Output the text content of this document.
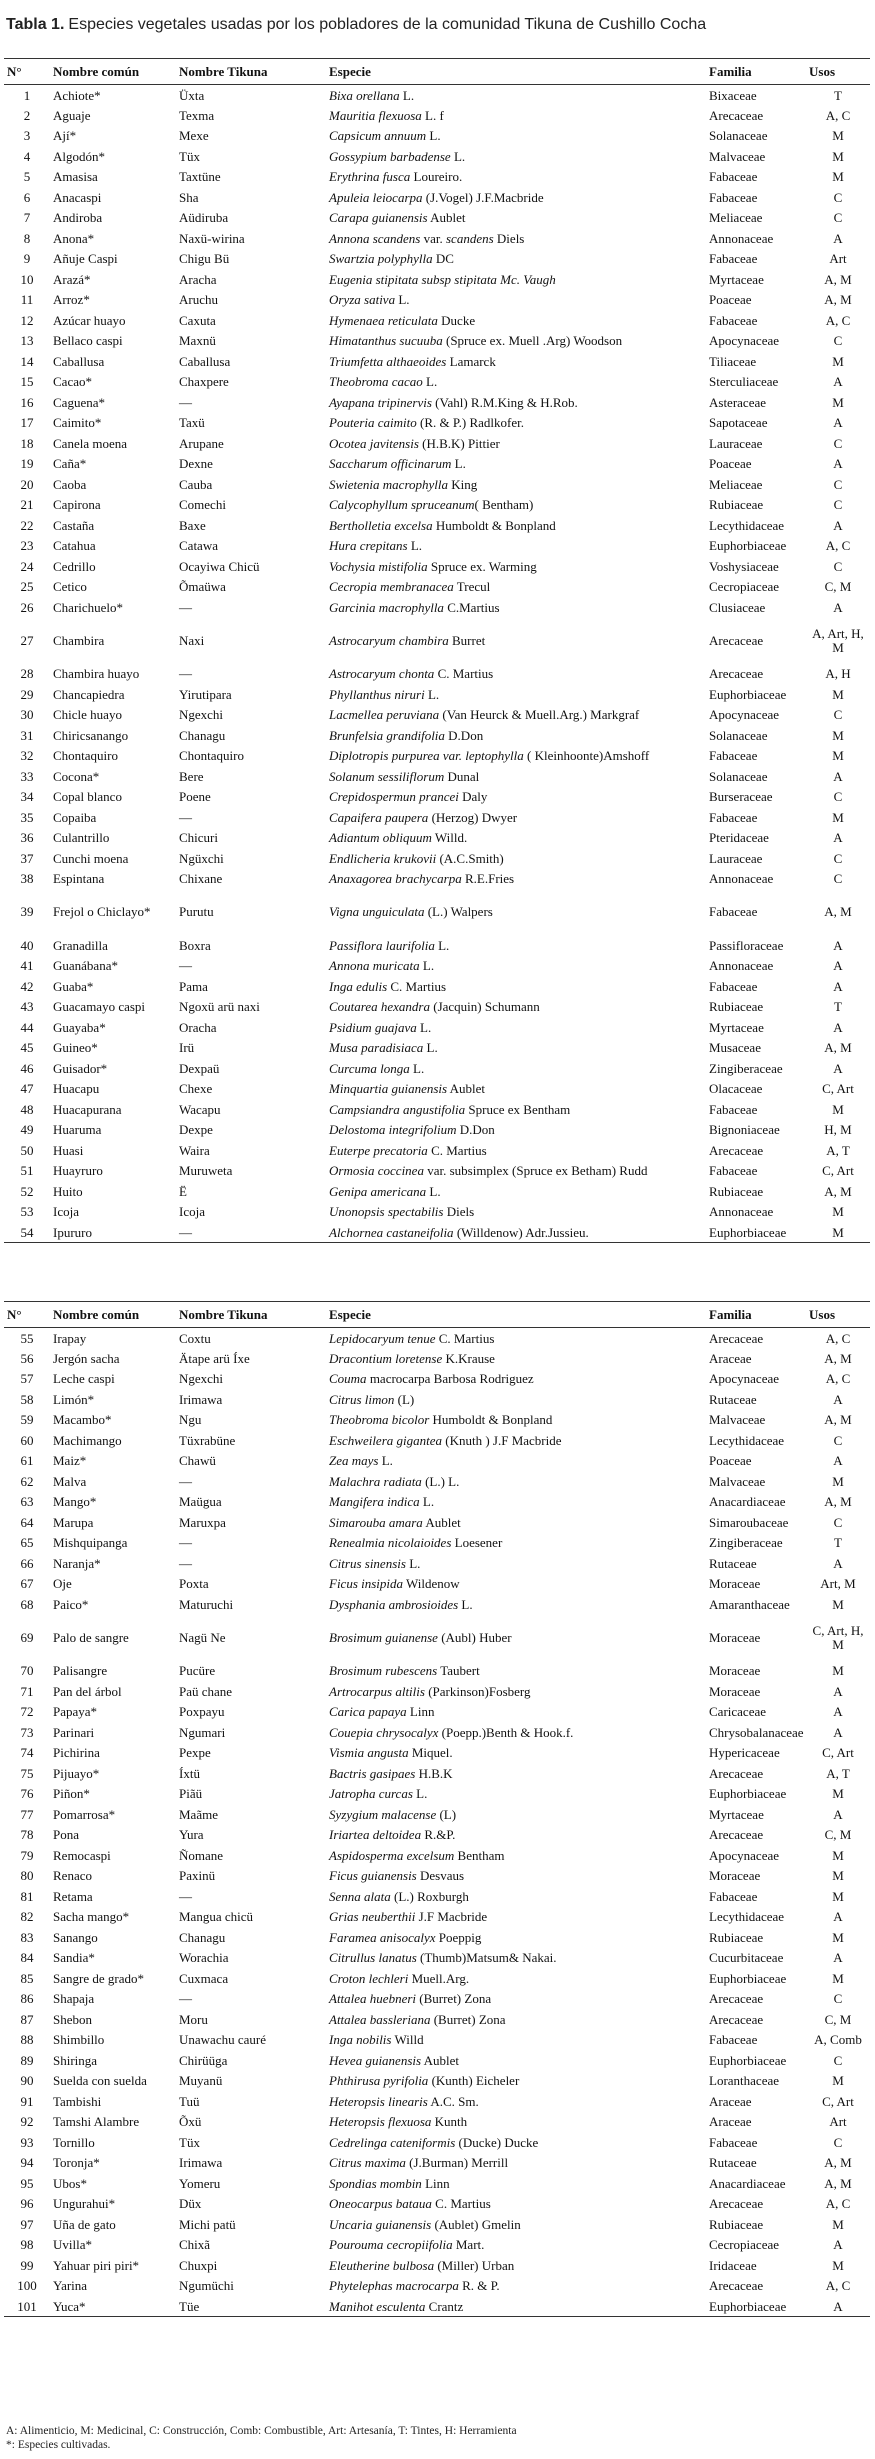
Tabla 1. Especies vegetales usadas por los pobladores de la comunidad Tikuna de Cushillo Cocha
N°	Nombre común	Nombre Tikuna	Especie	Familia	Usos
1	Achiote*	Üxta	Bixa orellana L.	Bixaceae	T
2	Aguaje	Texma	Mauritia flexuosa L. f	Arecaceae	A, C
3	Ají*	Mexe	Capsicum annuum L.	Solanaceae	M
4	Algodón*	Tüx	Gossypium barbadense L.	Malvaceae	M
5	Amasisa	Taxtüne	Erythrina fusca Loureiro.	Fabaceae	M
6	Anacaspi	Sha	Apuleia leiocarpa (J.Vogel) J.F.Macbride	Fabaceae	C
7	Andiroba	Aüdiruba	Carapa guianensis Aublet	Meliaceae	C
8	Anona*	Naxü-wirina	Annona scandens var. scandens Diels	Annonaceae	A
9	Añuje Caspi	Chigu Bü	Swartzia polyphylla DC	Fabaceae	Art
10	Arazá*	Aracha	Eugenia stipitata subsp stipitata Mc. Vaugh	Myrtaceae	A, M
11	Arroz*	Aruchu	Oryza sativa L.	Poaceae	A, M
12	Azúcar huayo	Caxuta	Hymenaea reticulata Ducke	Fabaceae	A, C
13	Bellaco caspi	Maxnü	Himatanthus sucuuba (Spruce ex. Muell .Arg) Woodson	Apocynaceae	C
14	Caballusa	Caballusa	Triumfetta althaeoides Lamarck	Tiliaceae	M
15	Cacao*	Chaxpere	Theobroma cacao L.	Sterculiaceae	A
16	Caguena*	—	Ayapana tripinervis (Vahl) R.M.King & H.Rob.	Asteraceae	M
17	Caimito*	Taxü	Pouteria caimito (R. & P.) Radlkofer.	Sapotaceae	A
18	Canela moena	Arupane	Ocotea javitensis (H.B.K) Pittier	Lauraceae	C
19	Caña*	Dexne	Saccharum officinarum L.	Poaceae	A
20	Caoba	Cauba	Swietenia macrophylla King	Meliaceae	C
21	Capirona	Comechi	Calycophyllum spruceanum( Bentham)	Rubiaceae	C
22	Castaña	Baxe	Bertholletia excelsa Humboldt & Bonpland	Lecythidaceae	A
23	Catahua	Catawa	Hura crepitans L.	Euphorbiaceae	A, C
24	Cedrillo	Ocayiwa Chicü	Vochysia mistifolia Spruce ex. Warming	Voshysiaceae	C
25	Cetico	Õmaüwa	Cecropia membranacea Trecul	Cecropiaceae	C, M
26	Charichuelo*	—	Garcinia macrophylla C.Martius	Clusiaceae	A
27	Chambira	Naxi	Astrocaryum chambira Burret	Arecaceae	A, Art, H, M
28	Chambira huayo	—	Astrocaryum chonta C. Martius	Arecaceae	A, H
29	Chancapiedra	Yirutipara	Phyllanthus niruri L.	Euphorbiaceae	M
30	Chicle huayo	Ngexchi	Lacmellea peruviana (Van Heurck & Muell.Arg.) Markgraf	Apocynaceae	C
31	Chiricsanango	Chanagu	Brunfelsia grandifolia D.Don	Solanaceae	M
32	Chontaquiro	Chontaquiro	Diplotropis purpurea var. leptophylla ( Kleinhoonte)Amshoff	Fabaceae	M
33	Cocona*	Bere	Solanum sessiliflorum Dunal	Solanaceae	A
34	Copal blanco	Poene	Crepidospermun prancei Daly	Burseraceae	C
35	Copaiba	—	Capaifera paupera (Herzog) Dwyer	Fabaceae	M
36	Culantrillo	Chicuri	Adiantum obliquum Willd.	Pteridaceae	A
37	Cunchi moena	Ngüxchi	Endlicheria krukovii (A.C.Smith)	Lauraceae	C
38	Espintana	Chixane	Anaxagorea brachycarpa R.E.Fries	Annonaceae	C
39	Frejol o Chiclayo*	Purutu	Vigna unguiculata (L.) Walpers	Fabaceae	A, M
40	Granadilla	Boxra	Passiflora laurifolia L.	Passifloraceae	A
41	Guanábana*	—	Annona muricata L.	Annonaceae	A
42	Guaba*	Pama	Inga edulis C. Martius	Fabaceae	A
43	Guacamayo caspi	Ngoxü arü naxi	Coutarea hexandra (Jacquin) Schumann	Rubiaceae	T
44	Guayaba*	Oracha	Psidium guajava L.	Myrtaceae	A
45	Guineo*	Irü	Musa paradisiaca L.	Musaceae	A, M
46	Guisador*	Dexpaü	Curcuma longa L.	Zingiberaceae	A
47	Huacapu	Chexe	Minquartia guianensis Aublet	Olacaceae	C, Art
48	Huacapurana	Wacapu	Campsiandra angustifolia Spruce ex Bentham	Fabaceae	M
49	Huaruma	Dexpe	Delostoma integrifolium D.Don	Bignoniaceae	H, M
50	Huasi	Waira	Euterpe precatoria C. Martius	Arecaceae	A, T
51	Huayruro	Muruweta	Ormosia coccinea var. subsimplex (Spruce ex Betham) Rudd	Fabaceae	C, Art
52	Huito	Ë	Genipa americana L.	Rubiaceae	A, M
53	Icoja	Icoja	Unonopsis spectabilis Diels	Annonaceae	M
54	Ipururo	—	Alchornea castaneifolia (Willdenow) Adr.Jussieu.	Euphorbiaceae	M
N°	Nombre común	Nombre Tikuna	Especie	Familia	Usos
55	Irapay	Coxtu	Lepidocaryum tenue C. Martius	Arecaceae	A, C
56	Jergón sacha	Ätape arü Íxe	Dracontium loretense K.Krause	Araceae	A, M
57	Leche caspi	Ngexchi	Couma macrocarpa Barbosa Rodriguez	Apocynaceae	A, C
58	Limón*	Irimawa	Citrus limon (L)	Rutaceae	A
59	Macambo*	Ngu	Theobroma bicolor Humboldt & Bonpland	Malvaceae	A, M
60	Machimango	Tüxrabüne	Eschweilera gigantea (Knuth ) J.F Macbride	Lecythidaceae	C
61	Maiz*	Chawü	Zea mays L.	Poaceae	A
62	Malva	—	Malachra radiata (L.) L.	Malvaceae	M
63	Mango*	Maügua	Mangifera indica L.	Anacardiaceae	A, M
64	Marupa	Maruxpa	Simarouba amara Aublet	Simaroubaceae	C
65	Mishquipanga	—	Renealmia nicolaioides Loesener	Zingiberaceae	T
66	Naranja*	—	Citrus sinensis L.	Rutaceae	A
67	Oje	Poxta	Ficus insipida Wildenow	Moraceae	Art, M
68	Paico*	Maturuchi	Dysphania ambrosioides L.	Amaranthaceae	M
69	Palo de sangre	Nagü Ne	Brosimum guianense (Aubl) Huber	Moraceae	C, Art, H, M
70	Palisangre	Pucüre	Brosimum rubescens Taubert	Moraceae	M
71	Pan del árbol	Paü chane	Artrocarpus altilis (Parkinson)Fosberg	Moraceae	A
72	Papaya*	Poxpayu	Carica papaya Linn	Caricaceae	A
73	Parinari	Ngumari	Couepia chrysocalyx (Poepp.)Benth & Hook.f.	Chrysobalanaceae	A
74	Pichirina	Pexpe	Vismia angusta Miquel.	Hypericaceae	C, Art
75	Pijuayo*	Íxtü	Bactris gasipaes H.B.K	Arecaceae	A, T
76	Piñon*	Piãü	Jatropha curcas L.	Euphorbiaceae	M
77	Pomarrosa*	Maãme	Syzygium malacense (L)	Myrtaceae	A
78	Pona	Yura	Iriartea deltoidea R.&P.	Arecaceae	C, M
79	Remocaspi	Ñomane	Aspidosperma excelsum Bentham	Apocynaceae	M
80	Renaco	Paxinü	Ficus guianensis Desvaus	Moraceae	M
81	Retama	—	Senna alata (L.) Roxburgh	Fabaceae	M
82	Sacha mango*	Mangua chicü	Grias neuberthii J.F Macbride	Lecythidaceae	A
83	Sanango	Chanagu	Faramea anisocalyx Poeppig	Rubiaceae	M
84	Sandia*	Worachia	Citrullus lanatus (Thumb)Matsum& Nakai.	Cucurbitaceae	A
85	Sangre de grado*	Cuxmaca	Croton lechleri Muell.Arg.	Euphorbiaceae	M
86	Shapaja	—	Attalea huebneri (Burret) Zona	Arecaceae	C
87	Shebon	Moru	Attalea bassleriana (Burret) Zona	Arecaceae	C, M
88	Shimbillo	Unawachu cauré	Inga nobilis Willd	Fabaceae	A, Comb
89	Shiringa	Chirüüga	Hevea guianensis Aublet	Euphorbiaceae	C
90	Suelda con suelda	Muyanü	Phthirusa pyrifolia (Kunth) Eicheler	Loranthaceae	M
91	Tambishi	Tuü	Heteropsis linearis A.C. Sm.	Araceae	C, Art
92	Tamshi Alambre	Õxü	Heteropsis flexuosa Kunth	Araceae	Art
93	Tornillo	Tüx	Cedrelinga cateniformis (Ducke) Ducke	Fabaceae	C
94	Toronja*	Irimawa	Citrus maxima (J.Burman) Merrill	Rutaceae	A, M
95	Ubos*	Yomeru	Spondias mombin Linn	Anacardiaceae	A, M
96	Ungurahui*	Düx	Oneocarpus bataua C. Martius	Arecaceae	A, C
97	Uña de gato	Michi patü	Uncaria guianensis (Aublet) Gmelin	Rubiaceae	M
98	Uvilla*	Chixã	Pourouma cecropiifolia Mart.	Cecropiaceae	A
99	Yahuar piri piri*	Chuxpi	Eleutherine bulbosa (Miller) Urban	Iridaceae	M
100	Yarina	Ngumüchi	Phytelephas macrocarpa R. & P.	Arecaceae	A, C
101	Yuca*	Tüe	Manihot esculenta Crantz	Euphorbiaceae	A
A: Alimenticio, M: Medicinal, C: Construcción, Comb: Combustible, Art: Artesanía, T: Tintes, H: Herramienta
*: Especies cultivadas.
